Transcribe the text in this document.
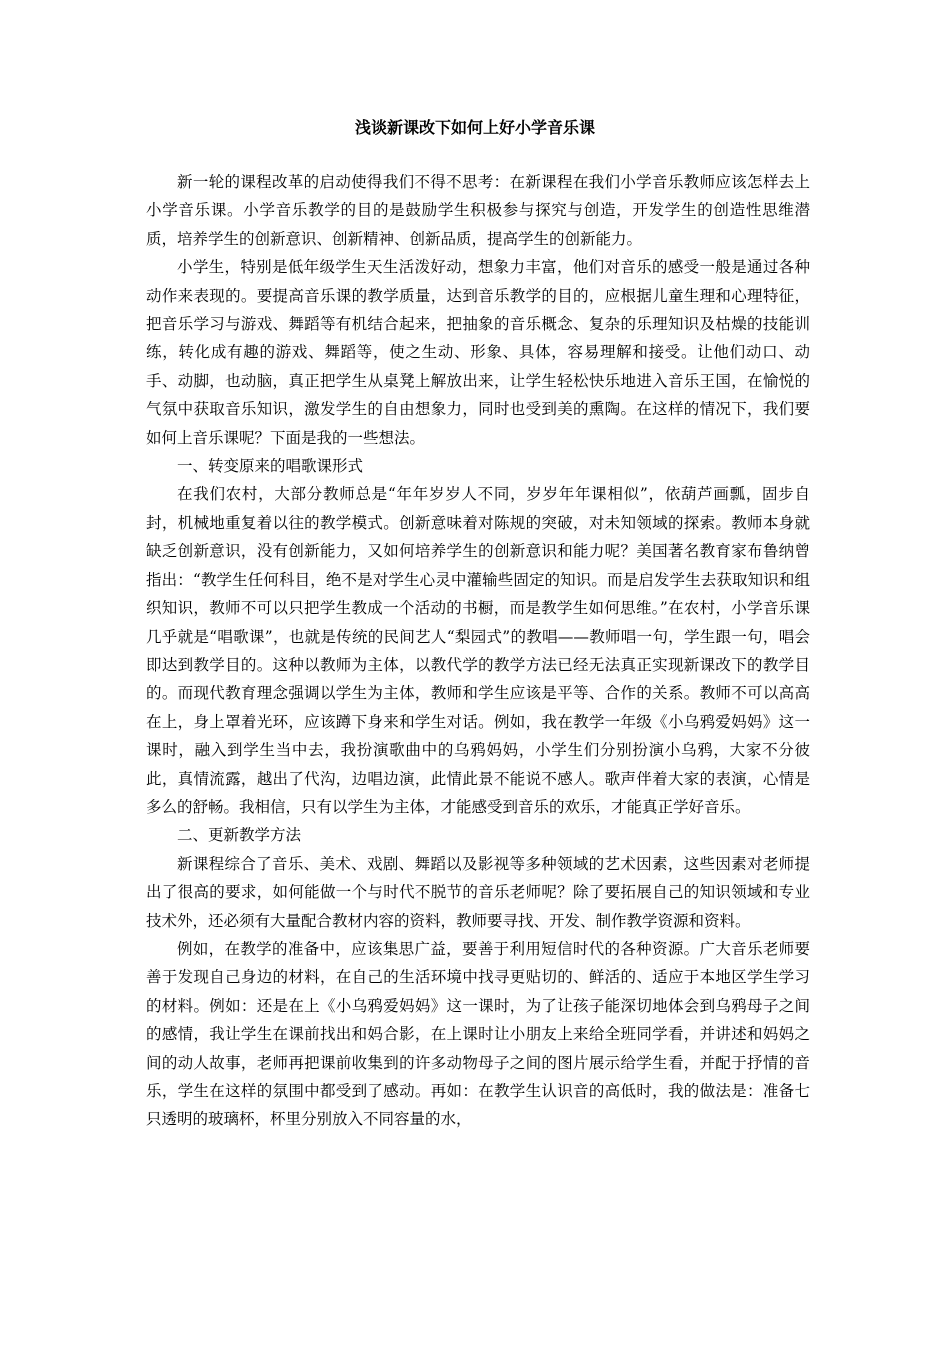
浅谈新课改下如何上好小学音乐课

新一轮的课程改革的启动使得我们不得不思考：在新课程在我们小学音乐教师应该怎样去上小学音乐课。小学音乐教学的目的是鼓励学生积极参与探究与创造，开发学生的创造性思维潜质，培养学生的创新意识、创新精神、创新品质，提高学生的创新能力。

小学生，特别是低年级学生天生活泼好动，想象力丰富，他们对音乐的感受一般是通过各种动作来表现的。要提高音乐课的教学质量，达到音乐教学的目的，应根据儿童生理和心理特征，把音乐学习与游戏、舞蹈等有机结合起来，把抽象的音乐概念、复杂的乐理知识及枯燥的技能训练，转化成有趣的游戏、舞蹈等，使之生动、形象、具体，容易理解和接受。让他们动口、动手、动脚，也动脑，真正把学生从桌凳上解放出来，让学生轻松快乐地进入音乐王国，在愉悦的气氛中获取音乐知识，激发学生的自由想象力，同时也受到美的熏陶。在这样的情况下，我们要如何上音乐课呢？下面是我的一些想法。

一、转变原来的唱歌课形式

在我们农村，大部分教师总是“年年岁岁人不同，岁岁年年课相似”，依葫芦画瓢，固步自封，机械地重复着以往的教学模式。创新意味着对陈规的突破，对未知领域的探索。教师本身就缺乏创新意识，没有创新能力，又如何培养学生的创新意识和能力呢？美国著名教育家布鲁纳曾指出：“教学生任何科目，绝不是对学生心灵中灌输些固定的知识。而是启发学生去获取知识和组织知识，教师不可以只把学生教成一个活动的书橱，而是教学生如何思维。”在农村，小学音乐课几乎就是“唱歌课”，也就是传统的民间艺人“梨园式”的教唱——教师唱一句，学生跟一句，唱会即达到教学目的。这种以教师为主体，以教代学的教学方法已经无法真正实现新课改下的教学目的。而现代教育理念强调以学生为主体，教师和学生应该是平等、合作的关系。教师不可以高高在上，身上罩着光环，应该蹲下身来和学生对话。例如，我在教学一年级《小乌鸦爱妈妈》这一课时，融入到学生当中去，我扮演歌曲中的乌鸦妈妈，小学生们分别扮演小乌鸦，大家不分彼此，真情流露，越出了代沟，边唱边演，此情此景不能说不感人。歌声伴着大家的表演，心情是多么的舒畅。我相信，只有以学生为主体，才能感受到音乐的欢乐，才能真正学好音乐。

二、更新教学方法

新课程综合了音乐、美术、戏剧、舞蹈以及影视等多种领域的艺术因素，这些因素对老师提出了很高的要求，如何能做一个与时代不脱节的音乐老师呢？除了要拓展自己的知识领域和专业技术外，还必须有大量配合教材内容的资料，教师要寻找、开发、制作教学资源和资料。

例如，在教学的准备中，应该集思广益，要善于利用短信时代的各种资源。广大音乐老师要善于发现自己身边的材料，在自己的生活环境中找寻更贴切的、鲜活的、适应于本地区学生学习的材料。例如：还是在上《小乌鸦爱妈妈》这一课时，为了让孩子能深切地体会到乌鸦母子之间的感情，我让学生在课前找出和妈合影，在上课时让小朋友上来给全班同学看，并讲述和妈妈之间的动人故事，老师再把课前收集到的许多动物母子之间的图片展示给学生看，并配于抒情的音乐，学生在这样的氛围中都受到了感动。再如：在教学生认识音的高低时，我的做法是：准备七只透明的玻璃杯，杯里分别放入不同容量的水，
